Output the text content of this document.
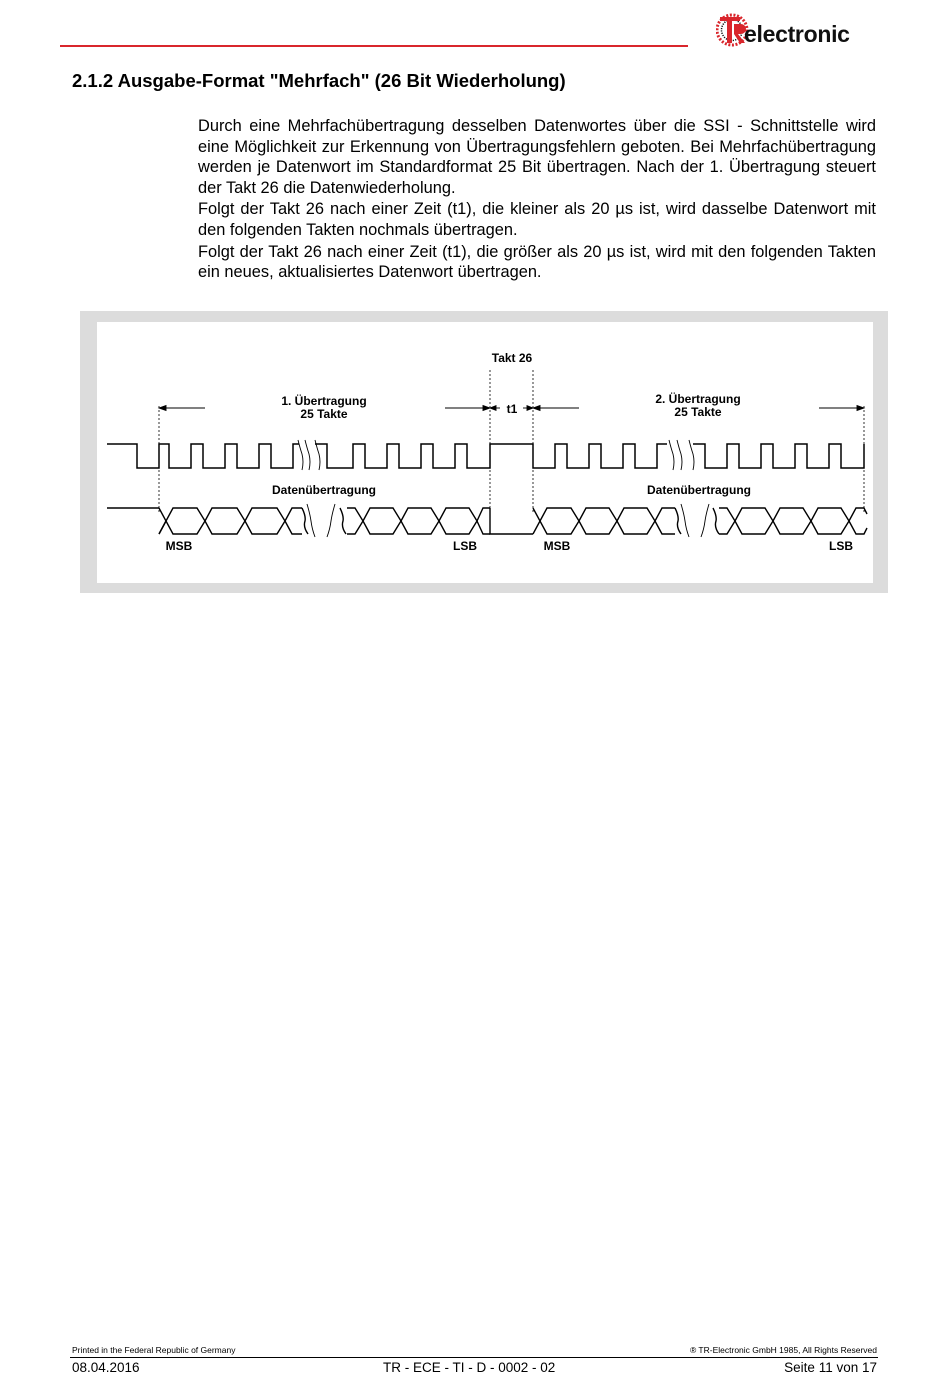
electronic
2.1.2 Ausgabe-Format "Mehrfach" (26 Bit Wiederholung)

Durch eine Mehrfachübertragung desselben Datenwortes über die SSI - Schnittstelle wird eine Möglichkeit zur Erkennung von Übertragungsfehlern geboten. Bei Mehrfachübertragung werden je Datenwort im Standardformat 25 Bit übertragen. Nach der 1. Übertragung steuert der Takt 26 die Datenwiederholung.

Folgt der Takt 26 nach einer Zeit (t1), die kleiner als 20 µs ist, wird dasselbe Datenwort mit den folgenden Takten nochmals übertragen.

Folgt der Takt 26 nach einer Zeit (t1), die größer als 20 µs ist, wird mit den folgenden Takten ein neues, aktualisiertes Datenwort übertragen.

Takt 26
1. Übertragung
25 Takte	t1
2. Übertragung
25 Takte
Datenübertragung	Datenübertragung
MSB	LSB	MSB	LSB
Printed in the Federal Republic of Germany	® TR-Electronic GmbH 1985, All Rights Reserved
08.04.2016	TR - ECE - TI - D - 0002 - 02	Seite 11 von 17
